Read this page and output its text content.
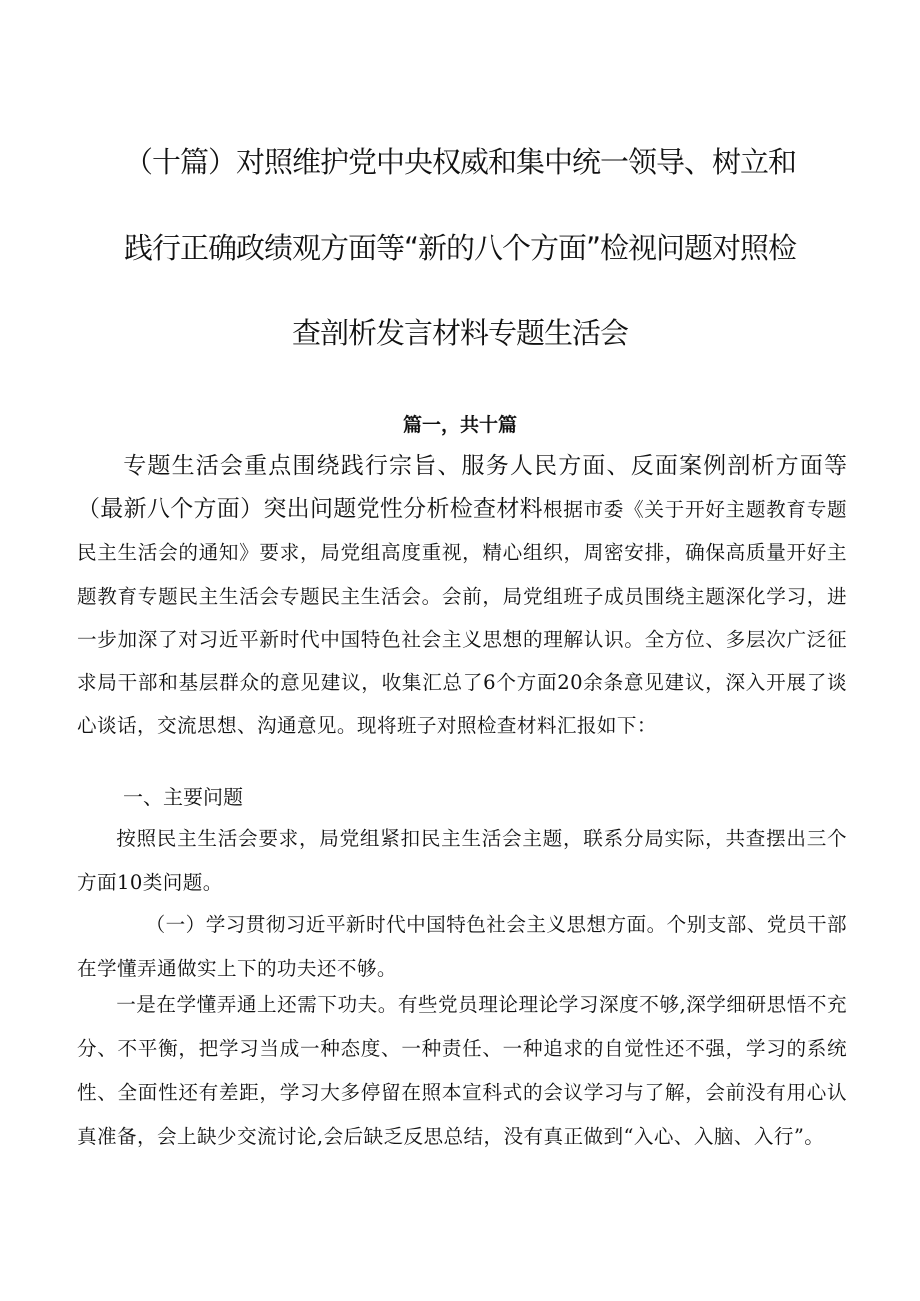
（十篇）对照维护党中央权威和集中统一领导、树立和
践行正确政绩观方面等“新的八个方面”检视问题对照检
查剖析发言材料专题生活会
篇一，共十篇
专题生活会重点围绕践行宗旨、服务人民方面、反面案例剖析方面等（最新八个方面）突出问题党性分析检查材料根据市委《关于开好主题教育专题民主生活会的通知》要求，局党组高度重视，精心组织，周密安排，确保高质量开好主题教育专题民主生活会专题民主生活会。会前，局党组班子成员围绕主题深化学习，进一步加深了对习近平新时代中国特色社会主义思想的理解认识。全方位、多层次广泛征求局干部和基层群众的意见建议，收集汇总了6个方面20余条意见建议，深入开展了谈心谈话，交流思想、沟通意见。现将班子对照检查材料汇报如下：
一、主要问题
按照民主生活会要求，局党组紧扣民主生活会主题，联系分局实际，共查摆出三个方面10类问题。
（一）学习贯彻习近平新时代中国特色社会主义思想方面。个别支部、党员干部在学懂弄通做实上下的功夫还不够。
一是在学懂弄通上还需下功夫。有些党员理论理论学习深度不够,深学细研思悟不充分、不平衡，把学习当成一种态度、一种责任、一种追求的自觉性还不强，学习的系统性、全面性还有差距，学习大多停留在照本宣科式的会议学习与了解，会前没有用心认真准备，会上缺少交流讨论,会后缺乏反思总结，没有真正做到“入心、入脑、入行”。
